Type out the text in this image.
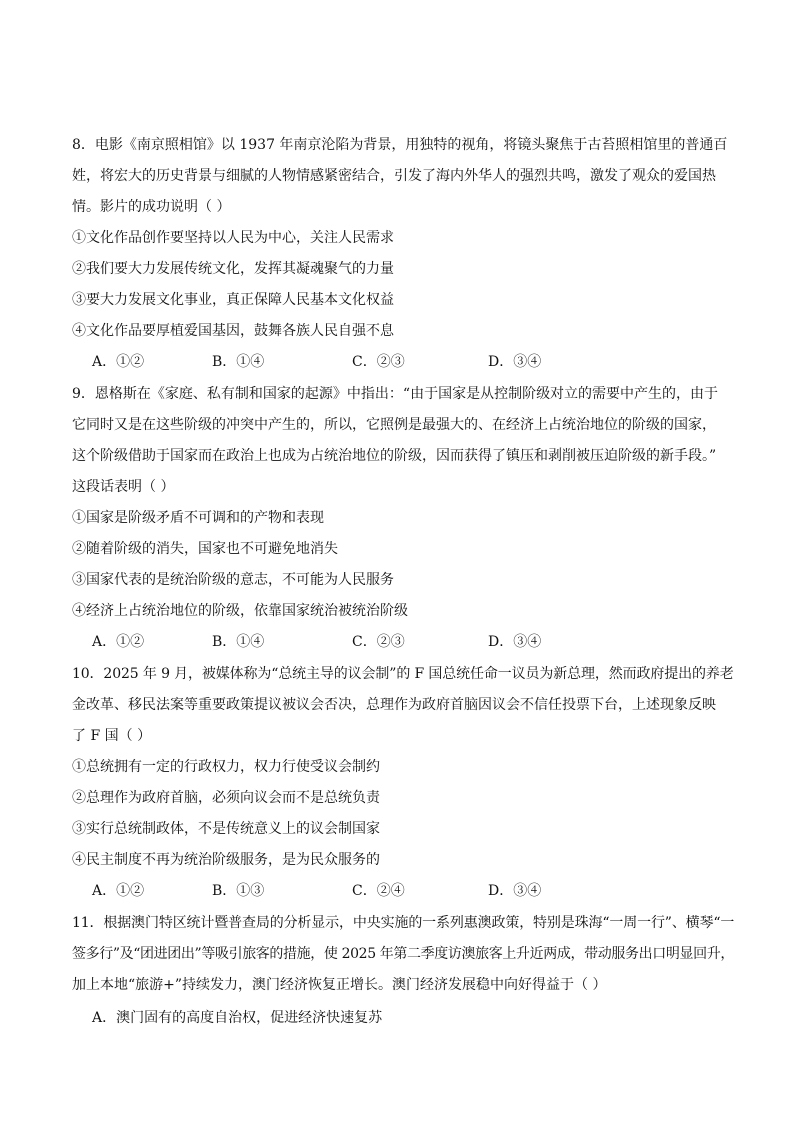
8．电影《南京照相馆》以 1937 年南京沦陷为背景，用独特的视角，将镜头聚焦于古苔照相馆里的普通百
姓，将宏大的历史背景与细腻的人物情感紧密结合，引发了海内外华人的强烈共鸣，激发了观众的爱国热
情。影片的成功说明（ ）
①文化作品创作要坚持以人民为中心，关注人民需求
②我们要大力发展传统文化，发挥其凝魂聚气的力量
③要大力发展文化事业，真正保障人民基本文化权益
④文化作品要厚植爱国基因，鼓舞各族人民自强不息
A．①②	B．①④	C．②③	D．③④
9．恩格斯在《家庭、私有制和国家的起源》中指出：“由于国家是从控制阶级对立的需要中产生的，由于
它同时又是在这些阶级的冲突中产生的，所以，它照例是最强大的、在经济上占统治地位的阶级的国家，
这个阶级借助于国家而在政治上也成为占统治地位的阶级，因而获得了镇压和剥削被压迫阶级的新手段。”
这段话表明（ ）
①国家是阶级矛盾不可调和的产物和表现
②随着阶级的消失，国家也不可避免地消失
③国家代表的是统治阶级的意志，不可能为人民服务
④经济上占统治地位的阶级，依靠国家统治被统治阶级
A．①②	B．①④	C．②③	D．③④
10．2025 年 9 月，被媒体称为“总统主导的议会制”的 F 国总统任命一议员为新总理，然而政府提出的养老
金改革、移民法案等重要政策提议被议会否决，总理作为政府首脑因议会不信任投票下台，上述现象反映
了 F 国（ ）
①总统拥有一定的行政权力，权力行使受议会制约
②总理作为政府首脑，必须向议会而不是总统负责
③实行总统制政体，不是传统意义上的议会制国家
④民主制度不再为统治阶级服务，是为民众服务的
A．①②	B．①③	C．②④	D．③④
11．根据澳门特区统计暨普查局的分析显示，中央实施的一系列惠澳政策，特别是珠海“一周一行”、横琴“一
签多行”及“团进团出”等吸引旅客的措施，使 2025 年第二季度访澳旅客上升近两成，带动服务出口明显回升，
加上本地“旅游+”持续发力，澳门经济恢复正增长。澳门经济发展稳中向好得益于（ ）
A．澳门固有的高度自治权，促进经济快速复苏
